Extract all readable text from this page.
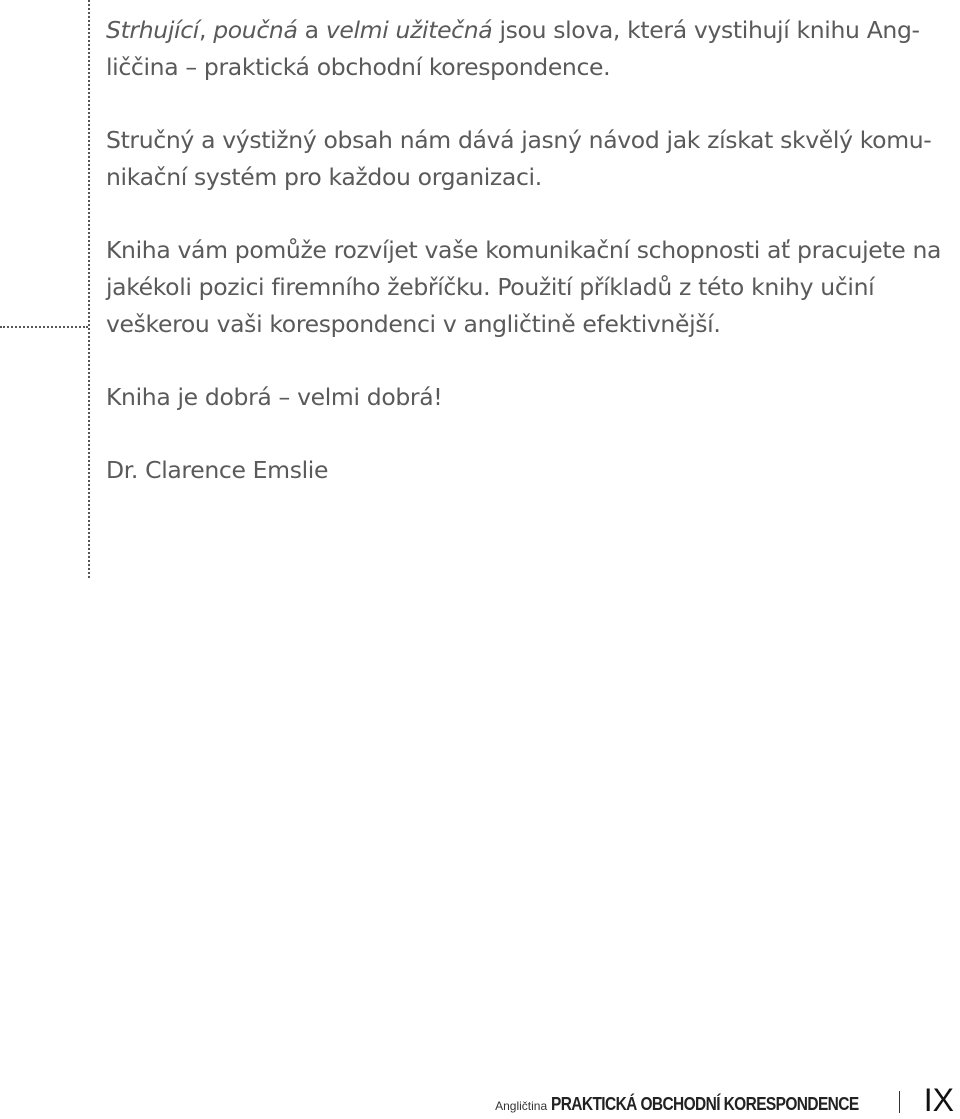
Strhující, poučná a velmi užitečná jsou slova, která vystihují knihu Ang-liččina – praktická obchodní korespondence.

Stručný a výstižný obsah nám dává jasný návod jak získat skvělý komu-nikační systém pro každou organizaci.

Kniha vám pomůže rozvíjet vaše komunikační schopnosti ať pracujete na jakékoli pozici firemního žebříčku. Použití příkladů z této knihy učiní veškerou vaši korespondenci v angličtině efektivnější.

Kniha je dobrá – velmi dobrá!

Dr. Clarence Emslie

Angličtina PRAKTICKÁ OBCHODNÍ KORESPONDENCE IX
